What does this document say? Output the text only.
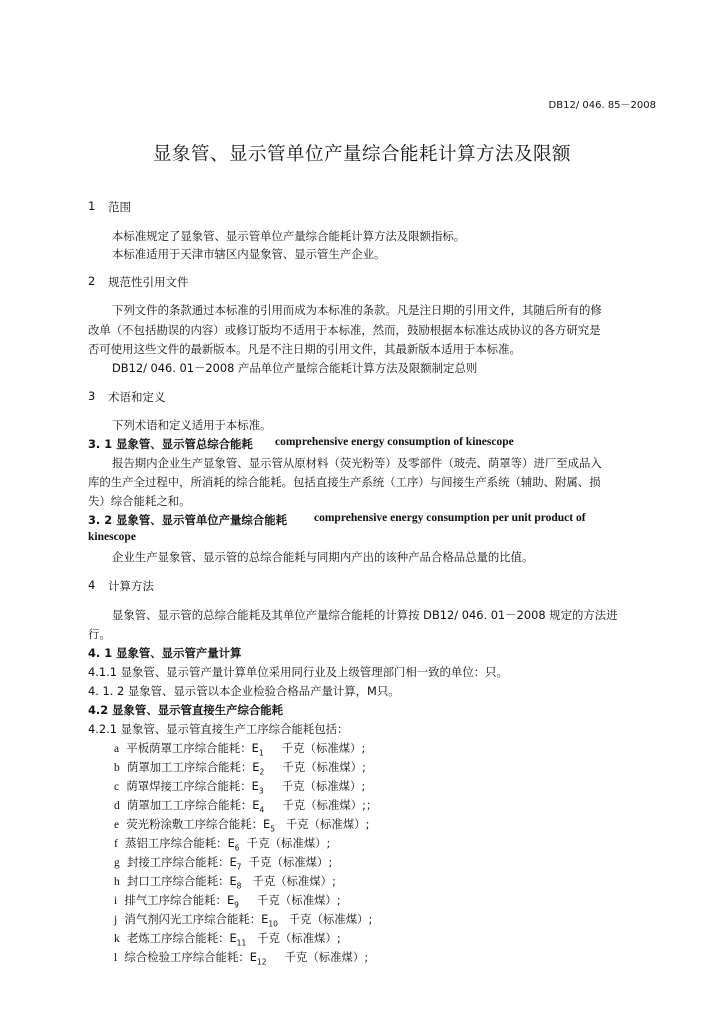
DB12/ 046. 85－2008
显象管、显示管单位产量综合能耗计算方法及限额
1 范围
本标准规定了显象管、显示管单位产量综合能耗计算方法及限额指标。
本标准适用于天津市辖区内显象管、显示管生产企业。
2 规范性引用文件
下列文件的条款通过本标准的引用而成为本标准的条款。凡是注日期的引用文件，其随后所有的修
改单（不包括勘误的内容）或修订版均不适用于本标准，然而，鼓励根据本标准达成协议的各方研究是
否可使用这些文件的最新版本。凡是不注日期的引用文件，其最新版本适用于本标准。
DB12/ 046. 01－2008 产品单位产量综合能耗计算方法及限额制定总则
3 术语和定义
下列术语和定义适用于本标准。
3. 1 显象管、显示管总综合能耗 comprehensive energy consumption of kinescope
报告期内企业生产显象管、显示管从原材料（荧光粉等）及零部件（玻壳、荫罩等）进厂至成品入
库的生产全过程中，所消耗的综合能耗。包括直接生产系统（工序）与间接生产系统（辅助、附属、损
失）综合能耗之和。
3. 2 显象管、显示管单位产量综合能耗 comprehensive energy consumption per unit product of
kinescope
企业生产显象管、显示管的总综合能耗与同期内产出的该种产品合格品总量的比值。
4 计算方法
显象管、显示管的总综合能耗及其单位产量综合能耗的计算按 DB12/ 046. 01－2008 规定的方法进
行。
4. 1 显象管、显示管产量计算
4.1.1 显象管、显示管产量计算单位采用同行业及上级管理部门相一致的单位：只。
4. 1. 2 显象管、显示管以本企业检验合格品产量计算，M只。
4.2 显象管、显示管直接生产综合能耗
4.2.1 显象管、显示管直接生产工序综合能耗包括：
a 平板荫罩工序综合能耗：$E_1$ 千克（标准煤）;
b 荫罩加工工序综合能耗：$E_2$ 千克（标准煤）;
c 荫罩焊接工序综合能耗：$E_3$ 千克（标准煤）;
d 荫罩加工工序综合能耗：$E_4$ 千克（标准煤）;；
e 荧光粉涂敷工序综合能耗：$E_5$ 千克（标准煤）;
f 蒸铝工序综合能耗：$E_6$ 千克（标准煤）;
g 封接工序综合能耗：$E_7$ 千克（标准煤）;
h 封口工序综合能耗：$E_8$ 千克（标准煤）;
i 排气工序综合能耗：$E_9$ 千克（标准煤）;
j 消气剂闪光工序综合能耗：$E_{10}$ 千克（标准煤）;
k 老炼工序综合能耗：$E_{11}$ 千克（标准煤）;
l 综合检验工序综合能耗：$E_{12}$ 千克（标准煤）;
